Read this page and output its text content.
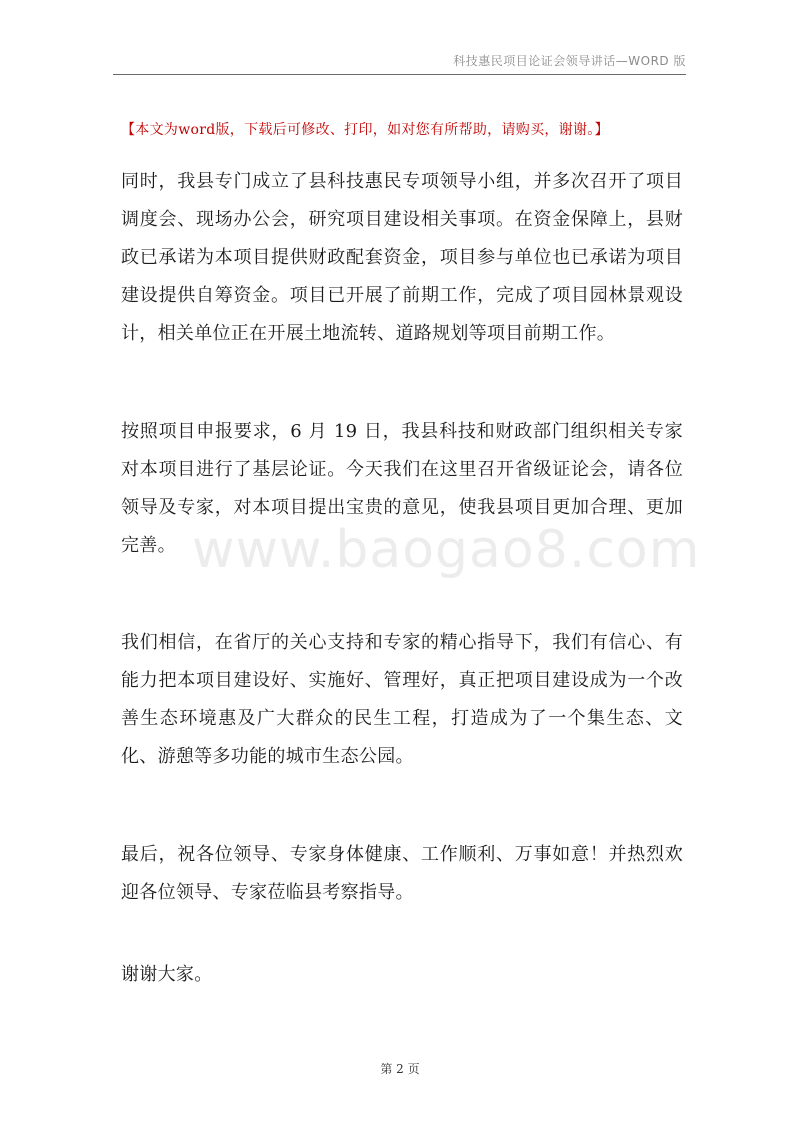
科技惠民项目论证会领导讲话—WORD 版
【本文为word版，下载后可修改、打印，如对您有所帮助，请购买，谢谢。】

同时，我县专门成立了县科技惠民专项领导小组，并多次召开了项目调度会、现场办公会，研究项目建设相关事项。在资金保障上，县财政已承诺为本项目提供财政配套资金，项目参与单位也已承诺为项目建设提供自筹资金。项目已开展了前期工作，完成了项目园林景观设计，相关单位正在开展土地流转、道路规划等项目前期工作。

按照项目申报要求，6 月 19 日，我县科技和财政部门组织相关专家对本项目进行了基层论证。今天我们在这里召开省级证论会，请各位领导及专家，对本项目提出宝贵的意见，使我县项目更加合理、更加完善。 www.baogao8.com

我们相信，在省厅的关心支持和专家的精心指导下，我们有信心、有能力把本项目建设好、实施好、管理好，真正把项目建设成为一个改善生态环境惠及广大群众的民生工程，打造成为了一个集生态、文化、游憩等多功能的城市生态公园。

最后，祝各位领导、专家身体健康、工作顺利、万事如意！并热烈欢迎各位领导、专家莅临县考察指导。

谢谢大家。

第 2 页
